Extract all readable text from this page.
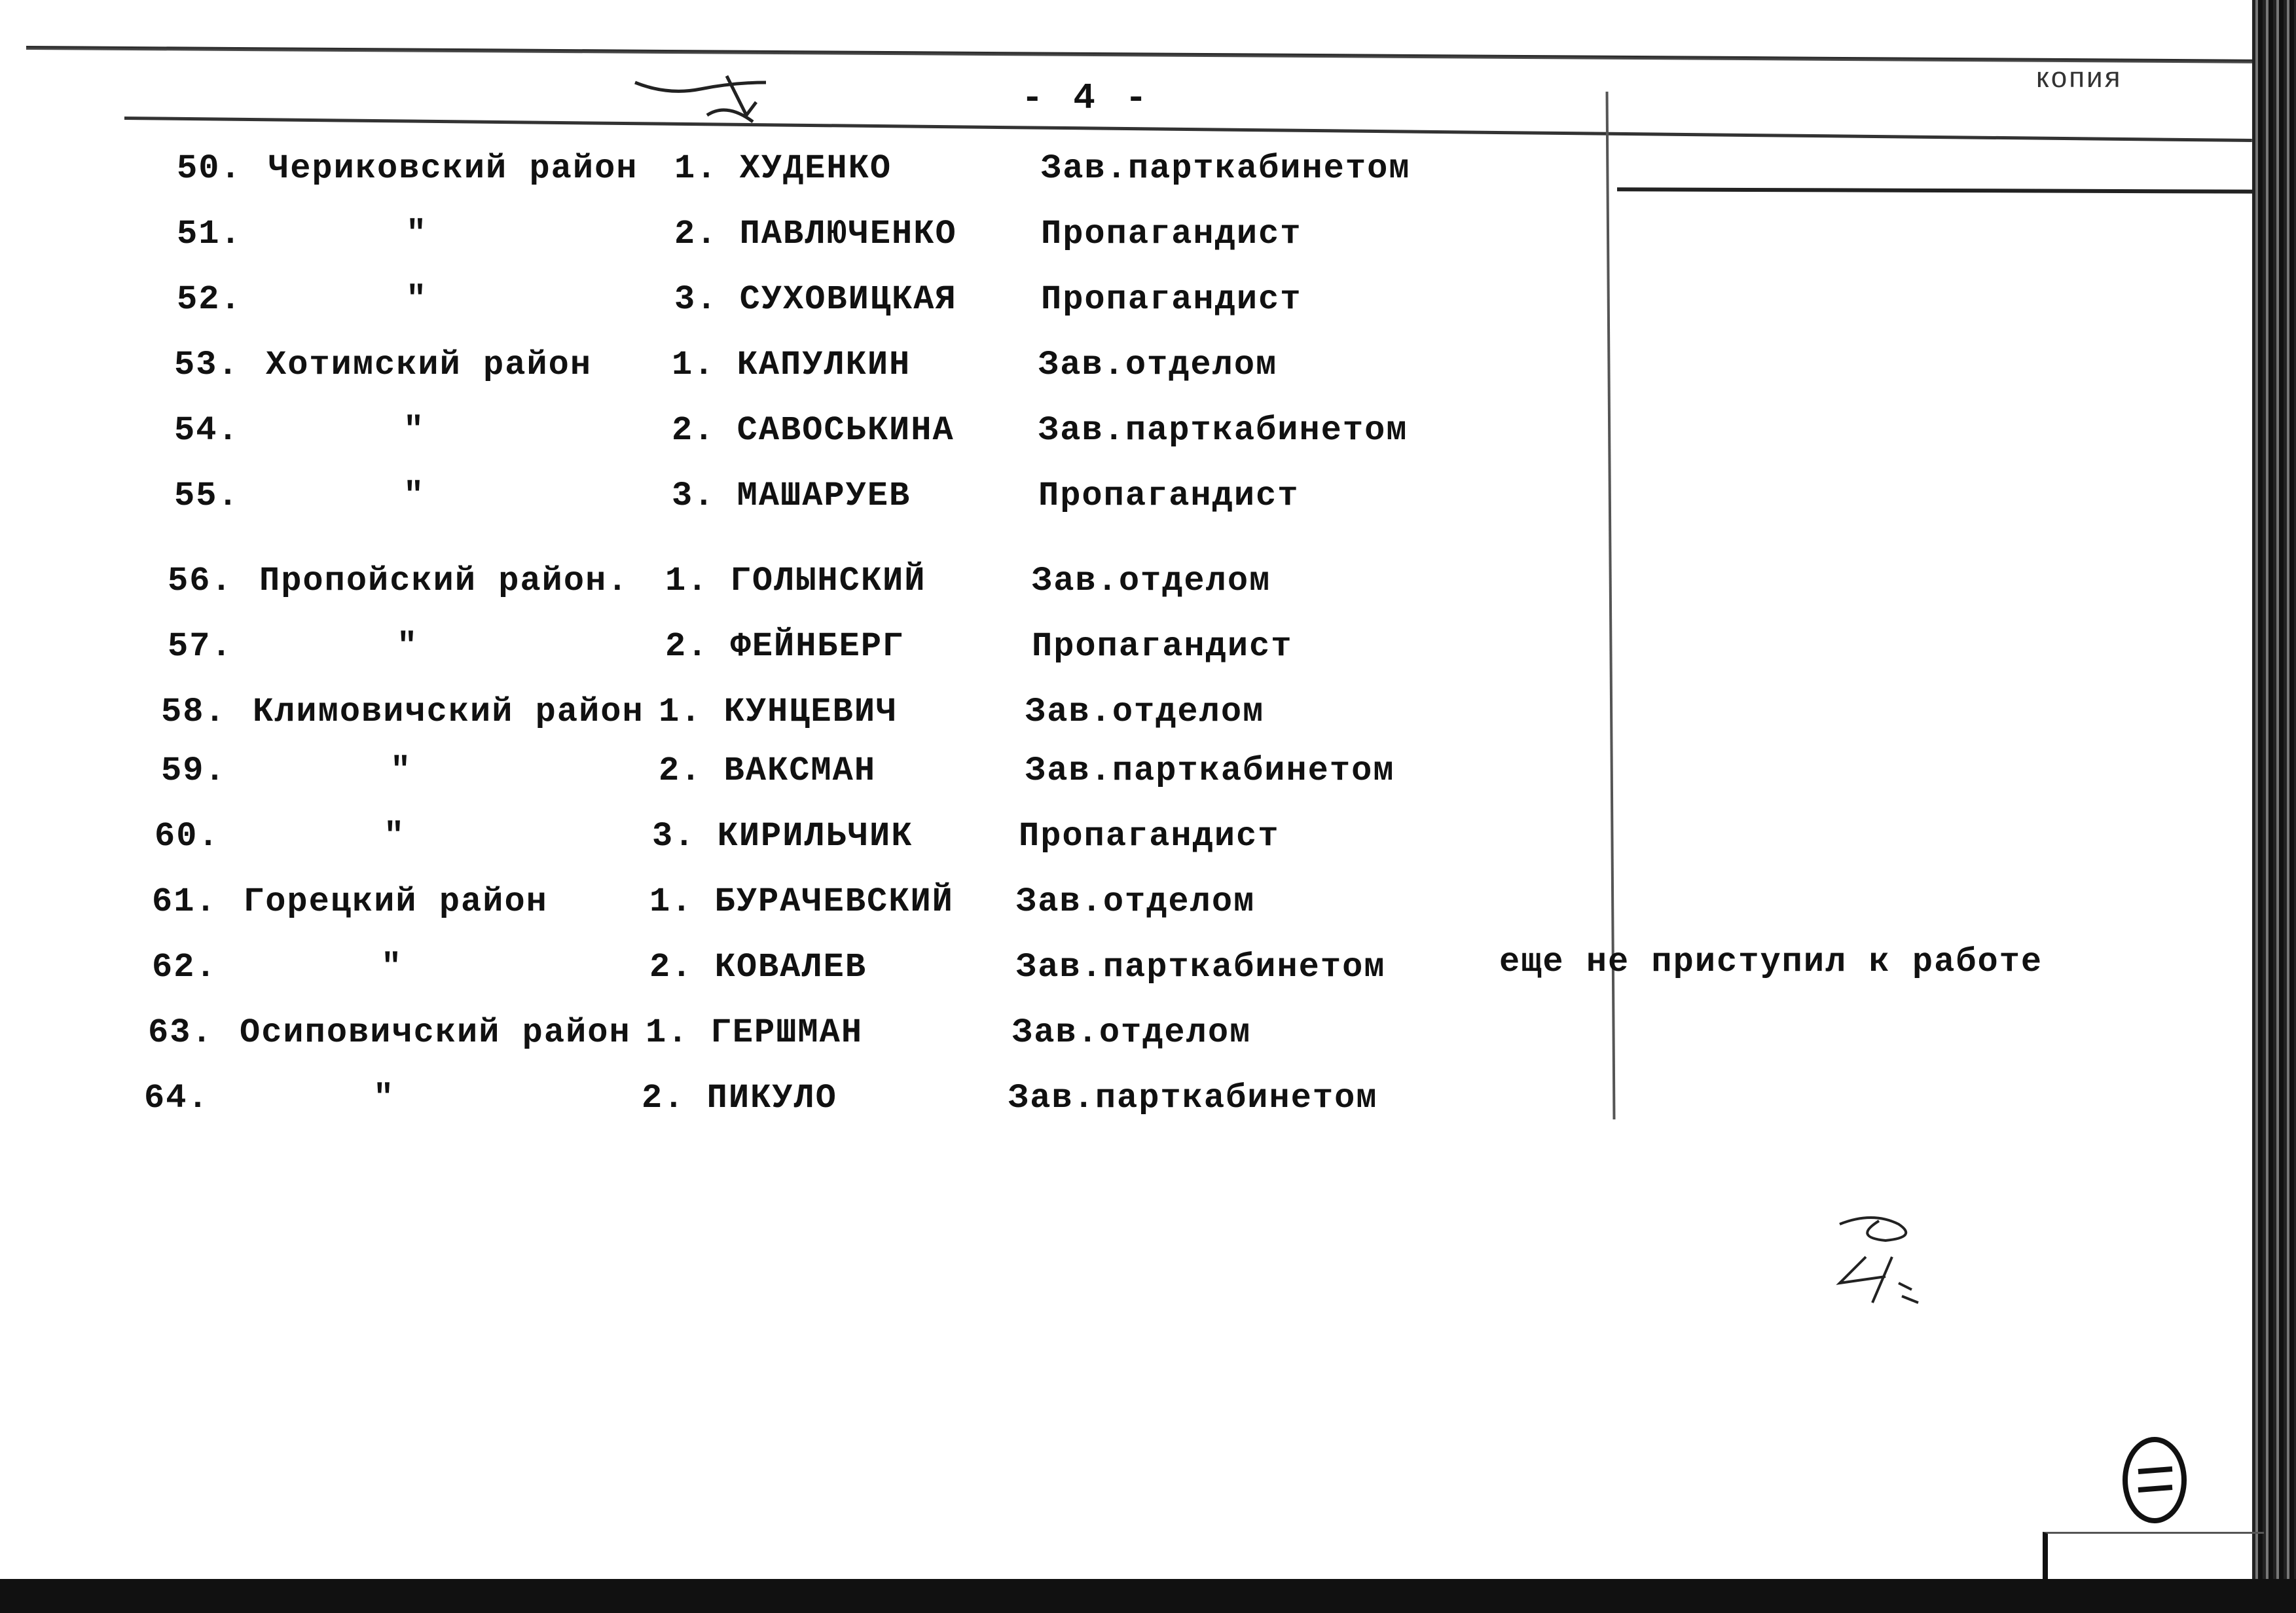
- 4 -	копия
50. Чериковский район 1. ХУДЕНКО	Зав.парткабинетом
51.	"	2. ПАВЛЮЧЕНКО Пропагандист
52.	"	3. СУХОВИЦКАЯ Пропагандист
53. Хотимский район 1. КАПУЛКИН	Зав.отделом
54.	"	2. САВОСЬКИНА Зав.парткабинетом
55.	"	3. МАШАРУЕВ	Пропагандист
56. Пропойский район. 1. ГОЛЫНСКИЙ	Зав.отделом
57.	"	2. ФЕЙНБЕРГ	Пропагандист
58. Климовичский район 1. КУНЦЕВИЧ	Зав.отделом
59.	"	2. ВАКСМАН	Зав.парткабинетом
60.	"	3. КИРИЛЬЧИК	Пропагандист
61. Горецкий район	1. БУРАЧЕВСКИЙ Зав.отделом
62.	"	2. КОВАЛЕВ	Зав.парткабинетом
63. Осиповичский район 1. ГЕРШМАН	Зав.отделом
64.	"	2. ПИКУЛО	Зав.парткабинетом
еще не приступил к работе
